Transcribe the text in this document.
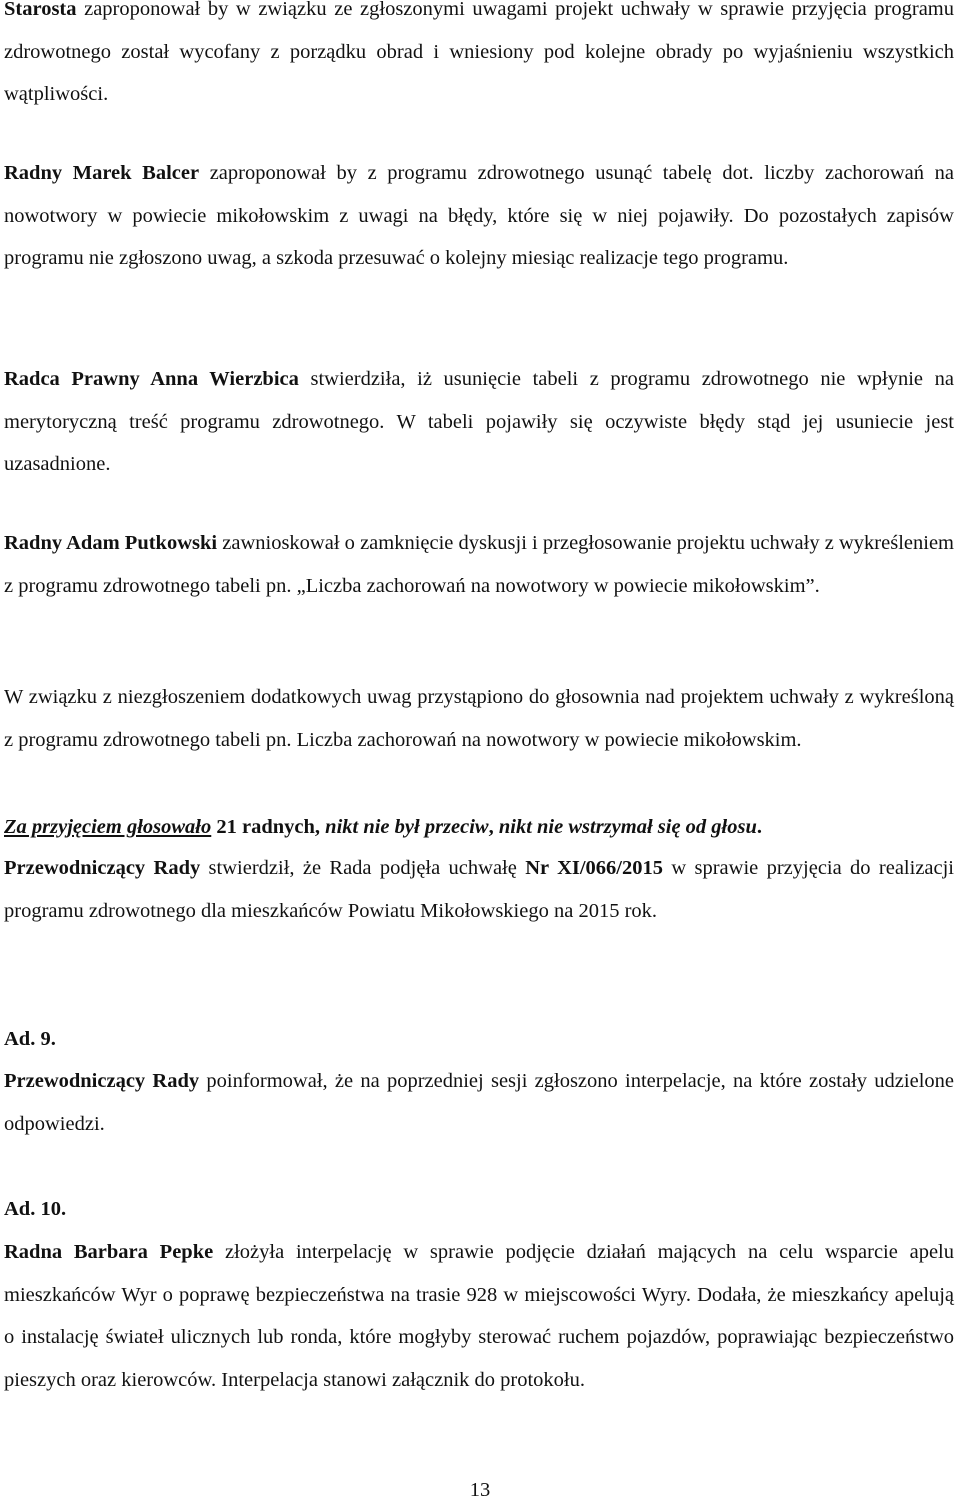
Starosta zaproponował by w związku ze zgłoszonymi uwagami projekt uchwały w sprawie przyjęcia programu zdrowotnego został wycofany z porządku obrad i wniesiony pod kolejne obrady po wyjaśnieniu wszystkich wątpliwości.

Radny Marek Balcer zaproponował by z programu zdrowotnego usunąć tabelę dot. liczby zachorowań na nowotwory w powiecie mikołowskim z uwagi na błędy, które się w niej pojawiły. Do pozostałych zapisów programu nie zgłoszono uwag, a szkoda przesuwać o kolejny miesiąc realizacje tego programu.

Radca Prawny Anna Wierzbica stwierdziła, iż usunięcie tabeli z programu zdrowotnego nie wpłynie na merytoryczną treść programu zdrowotnego. W tabeli pojawiły się oczywiste błędy stąd jej usuniecie jest uzasadnione.

Radny Adam Putkowski zawnioskował o zamknięcie dyskusji i przegłosowanie projektu uchwały z wykreśleniem z programu zdrowotnego tabeli pn. „Liczba zachorowań na nowotwory w powiecie mikołowskim”.

W związku z niezgłoszeniem dodatkowych uwag przystąpiono do głosownia nad projektem uchwały z wykreśloną z programu zdrowotnego tabeli pn. Liczba zachorowań na nowotwory w powiecie mikołowskim.

Za przyjęciem głosowało 21 radnych, nikt nie był przeciw, nikt nie wstrzymał się od głosu.

Przewodniczący Rady stwierdził, że Rada podjęła uchwałę Nr XI/066/2015 w sprawie przyjęcia do realizacji programu zdrowotnego dla mieszkańców Powiatu Mikołowskiego na 2015 rok.

Ad. 9.

Przewodniczący Rady poinformował, że na poprzedniej sesji zgłoszono interpelacje, na które zostały udzielone odpowiedzi.

Ad. 10.

Radna Barbara Pepke złożyła interpelację w sprawie podjęcie działań mających na celu wsparcie apelu mieszkańców Wyr o poprawę bezpieczeństwa na trasie 928 w miejscowości Wyry. Dodała, że mieszkańcy apelują o instalację świateł ulicznych lub ronda, które mogłyby sterować ruchem pojazdów, poprawiając bezpieczeństwo pieszych oraz kierowców. Interpelacja stanowi załącznik do protokołu.

13
